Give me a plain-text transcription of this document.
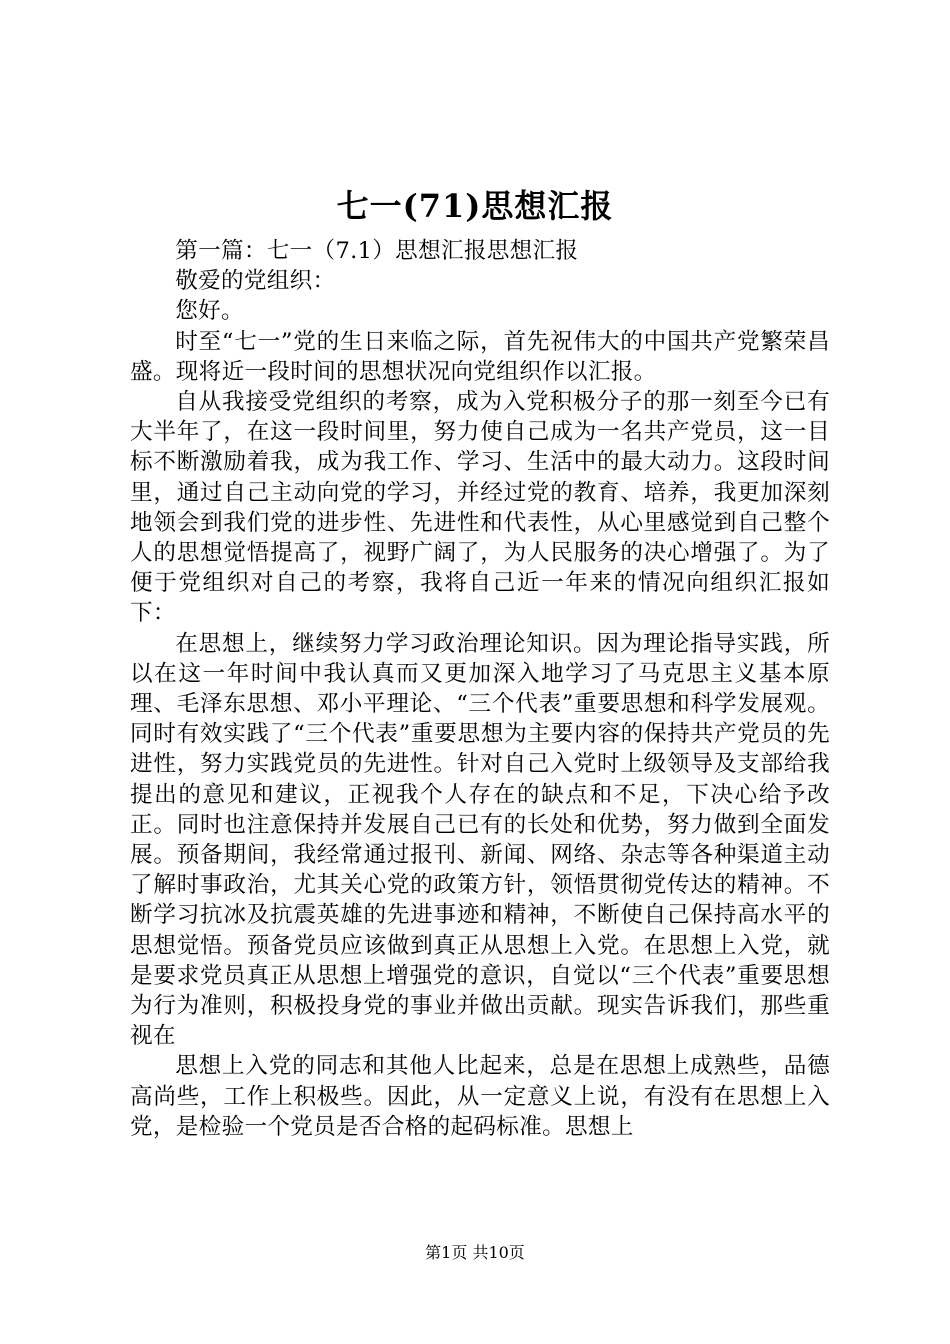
七一(71)思想汇报

第一篇：七一（7.1）思想汇报思想汇报

敬爱的党组织：

您好。

时至“七一”党的生日来临之际，首先祝伟大的中国共产党繁荣昌盛。现将近一段时间的思想状况向党组织作以汇报。

自从我接受党组织的考察，成为入党积极分子的那一刻至今已有大半年了，在这一段时间里，努力使自己成为一名共产党员，这一目标不断激励着我，成为我工作、学习、生活中的最大动力。这段时间里，通过自己主动向党的学习，并经过党的教育、培养，我更加深刻地领会到我们党的进步性、先进性和代表性，从心里感觉到自己整个人的思想觉悟提高了，视野广阔了，为人民服务的决心增强了。为了便于党组织对自己的考察，我将自己近一年来的情况向组织汇报如下：

在思想上，继续努力学习政治理论知识。因为理论指导实践，所以在这一年时间中我认真而又更加深入地学习了马克思主义基本原理、毛泽东思想、邓小平理论、“三个代表”重要思想和科学发展观。同时有效实践了“三个代表”重要思想为主要内容的保持共产党员的先进性，努力实践党员的先进性。针对自己入党时上级领导及支部给我提出的意见和建议，正视我个人存在的缺点和不足，下决心给予改正。同时也注意保持并发展自己已有的长处和优势，努力做到全面发展。预备期间，我经常通过报刊、新闻、网络、杂志等各种渠道主动了解时事政治，尤其关心党的政策方针，领悟贯彻党传达的精神。不断学习抗冰及抗震英雄的先进事迹和精神，不断使自己保持高水平的思想觉悟。预备党员应该做到真正从思想上入党。在思想上入党，就是要求党员真正从思想上增强党的意识，自觉以“三个代表”重要思想为行为准则，积极投身党的事业并做出贡献。现实告诉我们，那些重视在

思想上入党的同志和其他人比起来，总是在思想上成熟些，品德高尚些，工作上积极些。因此，从一定意义上说，有没有在思想上入党，是检验一个党员是否合格的起码标准。思想上

第1页 共10页
